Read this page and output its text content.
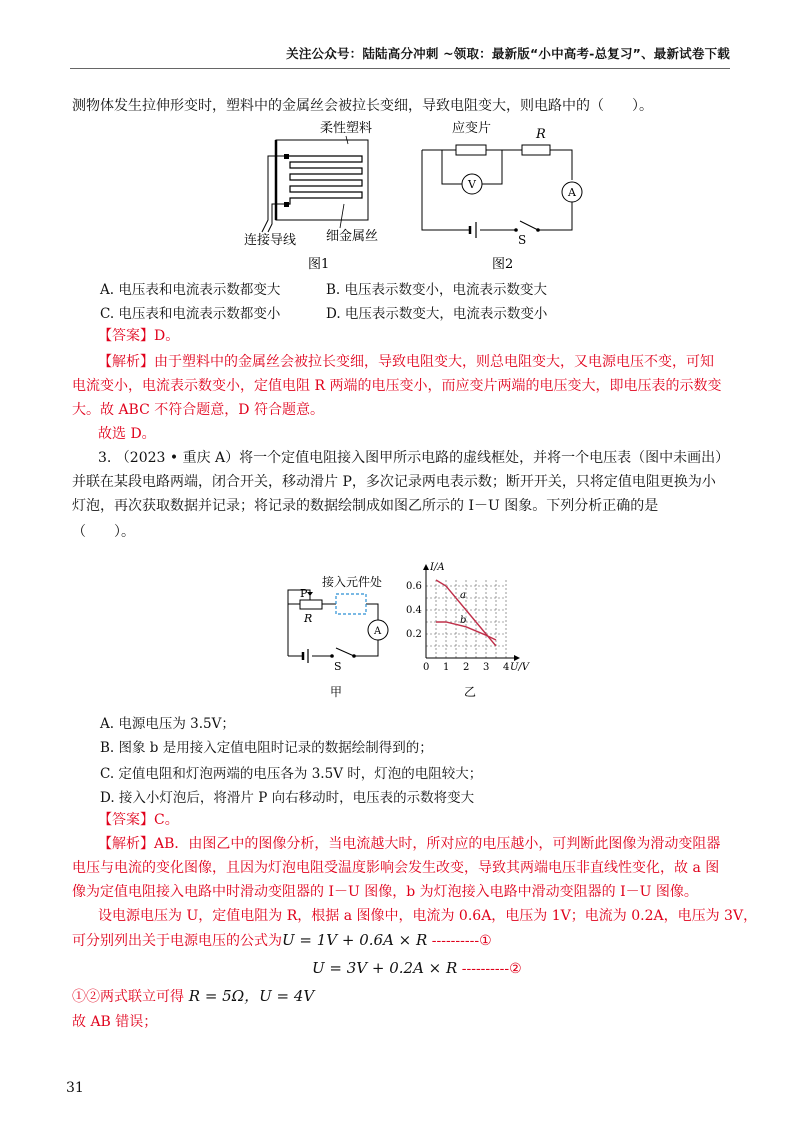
关注公众号：陆陆高分冲刺 ~领取：最新版“小中高考-总复习”、最新试卷下载
测物体发生拉伸形变时，塑料中的金属丝会被拉长变细，导致电阻变大，则电路中的（　　）。
柔性塑料
连接导线 细金属丝
图1
应变片	R
V
A
S
图2
A. 电压表和电流表示数都变大	B. 电压表示数变小，电流表示数变大
C. 电压表和电流表示数都变小	D. 电压表示数变大，电流表示数变小
【答案】D。
【解析】由于塑料中的金属丝会被拉长变细，导致电阻变大，则总电阻变大，又电源电压不变，可知
电流变小，电流表示数变小，定值电阻 R 两端的电压变小，而应变片两端的电压变大，即电压表的示数变
大。故 ABC 不符合题意，D 符合题意。
故选 D。
3. （2023 • 重庆 A）将一个定值电阻接入图甲所示电路的虚线框处，并将一个电压表（图中未画出）
并联在某段电路两端，闭合开关，移动滑片 P，多次记录两电表示数；断开开关，只将定值电阻更换为小
灯泡，再次获取数据并记录；将记录的数据绘制成如图乙所示的 I－U 图象。下列分析正确的是
（　　）。
接入元件处
P
R
A
S
甲
0 1 2 3 4
0.2
0.4
0.6
U/V
I/A
a
b
乙
A. 电源电压为 3.5V；
B. 图象 b 是用接入定值电阻时记录的数据绘制得到的；
C. 定值电阻和灯泡两端的电压各为 3.5V 时，灯泡的电阻较大；
D. 接入小灯泡后，将滑片 P 向右移动时，电压表的示数将变大
【答案】C。
【解析】AB．由图乙中的图像分析，当电流越大时，所对应的电压越小，可判断此图像为滑动变阻器
电压与电流的变化图像，且因为灯泡电阻受温度影响会发生改变，导致其两端电压非直线性变化，故 a 图
像为定值电阻接入电路中时滑动变阻器的 I－U 图像，b 为灯泡接入电路中滑动变阻器的 I－U 图像。
设电源电压为 U，定值电阻为 R，根据 a 图像中，电流为 0.6A，电压为 1V；电流为 0.2A，电压为 3V，
可分别列出关于电源电压的公式为U = 1V + 0.6A × R ----------①
U = 3V + 0.2A × R ----------②
①②两式联立可得 R = 5Ω，U = 4V
故 AB 错误；
31
